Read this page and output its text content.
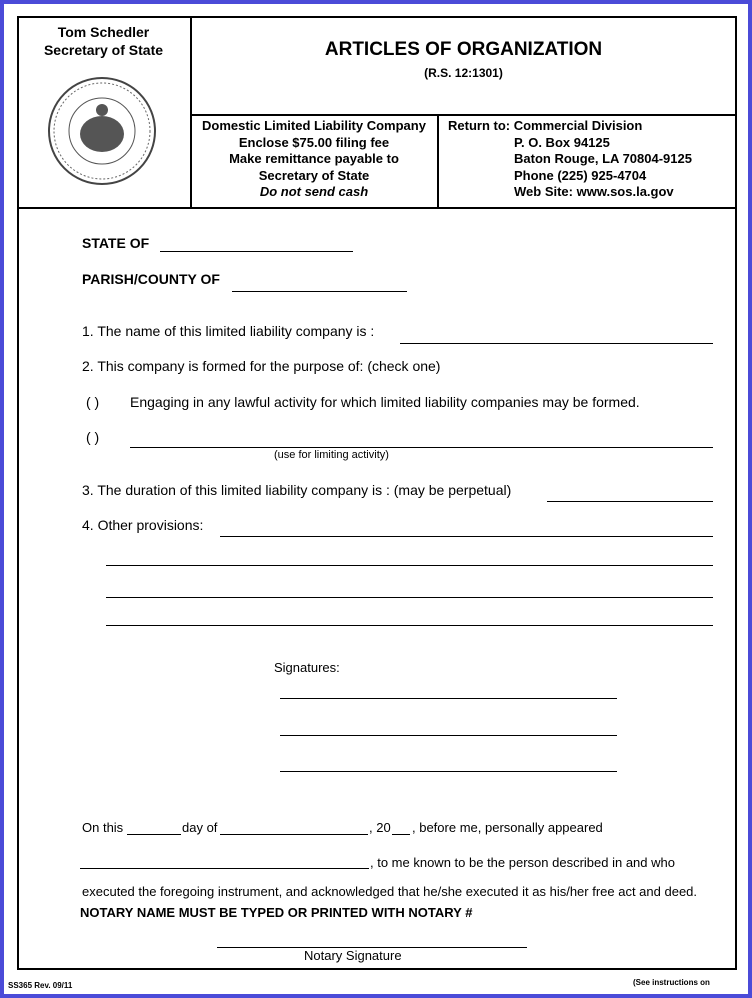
Tom Schedler
Secretary of State	ARTICLES OF ORGANIZATION
(R.S. 12:1301)
Domestic Limited Liability Company
Enclose $75.00 filing fee
Make remittance payable to
Secretary of State
Do not send cash
Return to: Commercial Division
P. O. Box 94125
Baton Rouge, LA 70804-9125
Phone (225) 925-4704
Web Site: www.sos.la.gov
STATE OF
PARISH/COUNTY OF
1. The name of this limited liability company is :
2. This company is formed for the purpose of: (check one)
( ) Engaging in any lawful activity for which limited liability companies may be formed.
( )
(use for limiting activity)
3. The duration of this limited liability company is : (may be perpetual)
4. Other provisions:
Signatures:
On this	day of	, 20 , before me, personally appeared
, to me known to be the person described in and who
executed the foregoing instrument, and acknowledged that he/she executed it as his/her free act and deed.
NOTARY NAME MUST BE TYPED OR PRINTED WITH NOTARY #
Notary Signature
SS365 Rev. 09/11	(See instructions on
